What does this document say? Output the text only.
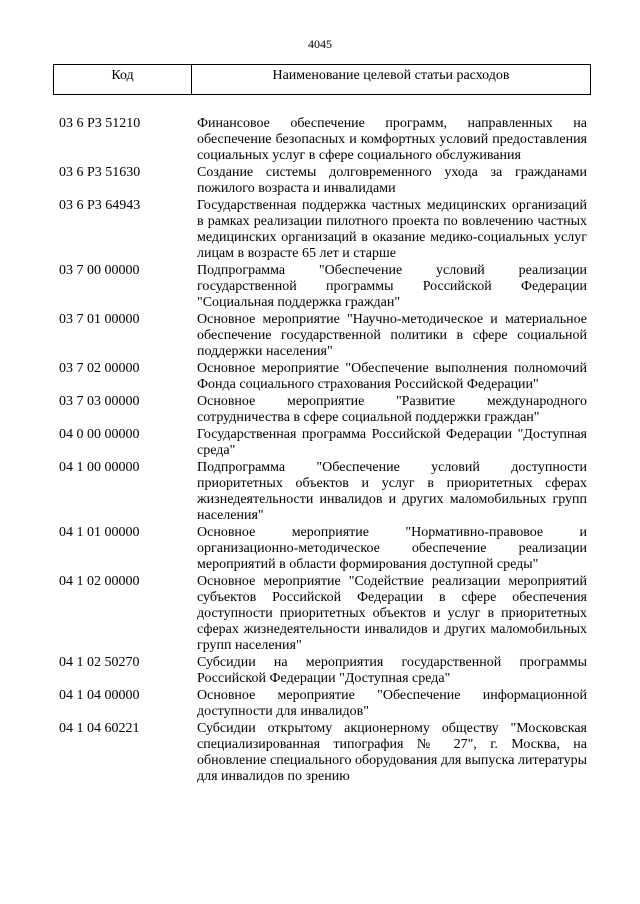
4045
Код	Наименование целевой статьи расходов
03 6 P3 51210	Финансовое обеспечение программ, направленных на обеспечение безопасных и комфортных условий предоставления социальных услуг в сфере социального обслуживания
03 6 P3 51630	Создание системы долговременного ухода за гражданами пожилого возраста и инвалидами
03 6 P3 64943	Государственная поддержка частных медицинских организаций в рамках реализации пилотного проекта по вовлечению частных медицинских организаций в оказание медико-социальных услуг лицам в возрасте 65 лет и старше
03 7 00 00000	Подпрограмма "Обеспечение условий реализации государственной программы Российской Федерации "Социальная поддержка граждан"
03 7 01 00000	Основное мероприятие "Научно-методическое и материальное обеспечение государственной политики в сфере социальной поддержки населения"
03 7 02 00000	Основное мероприятие "Обеспечение выполнения полномочий Фонда социального страхования Российской Федерации"
03 7 03 00000	Основное мероприятие "Развитие международного сотрудничества в сфере социальной поддержки граждан"
04 0 00 00000	Государственная программа Российской Федерации "Доступная среда"
04 1 00 00000	Подпрограмма "Обеспечение условий доступности приоритетных объектов и услуг в приоритетных сферах жизнедеятельности инвалидов и других маломобильных групп населения"
04 1 01 00000	Основное мероприятие "Нормативно-правовое и организационно-методическое обеспечение реализации мероприятий в области формирования доступной среды"
04 1 02 00000	Основное мероприятие "Содействие реализации мероприятий субъектов Российской Федерации в сфере обеспечения доступности приоритетных объектов и услуг в приоритетных сферах жизнедеятельности инвалидов и других маломобильных групп населения"
04 1 02 50270	Субсидии на мероприятия государственной программы Российской Федерации "Доступная среда"
04 1 04 00000	Основное мероприятие "Обеспечение информационной доступности для инвалидов"
04 1 04 60221	Субсидии открытому акционерному обществу "Московская специализированная типография № 27", г. Москва, на обновление специального оборудования для выпуска литературы для инвалидов по зрению
